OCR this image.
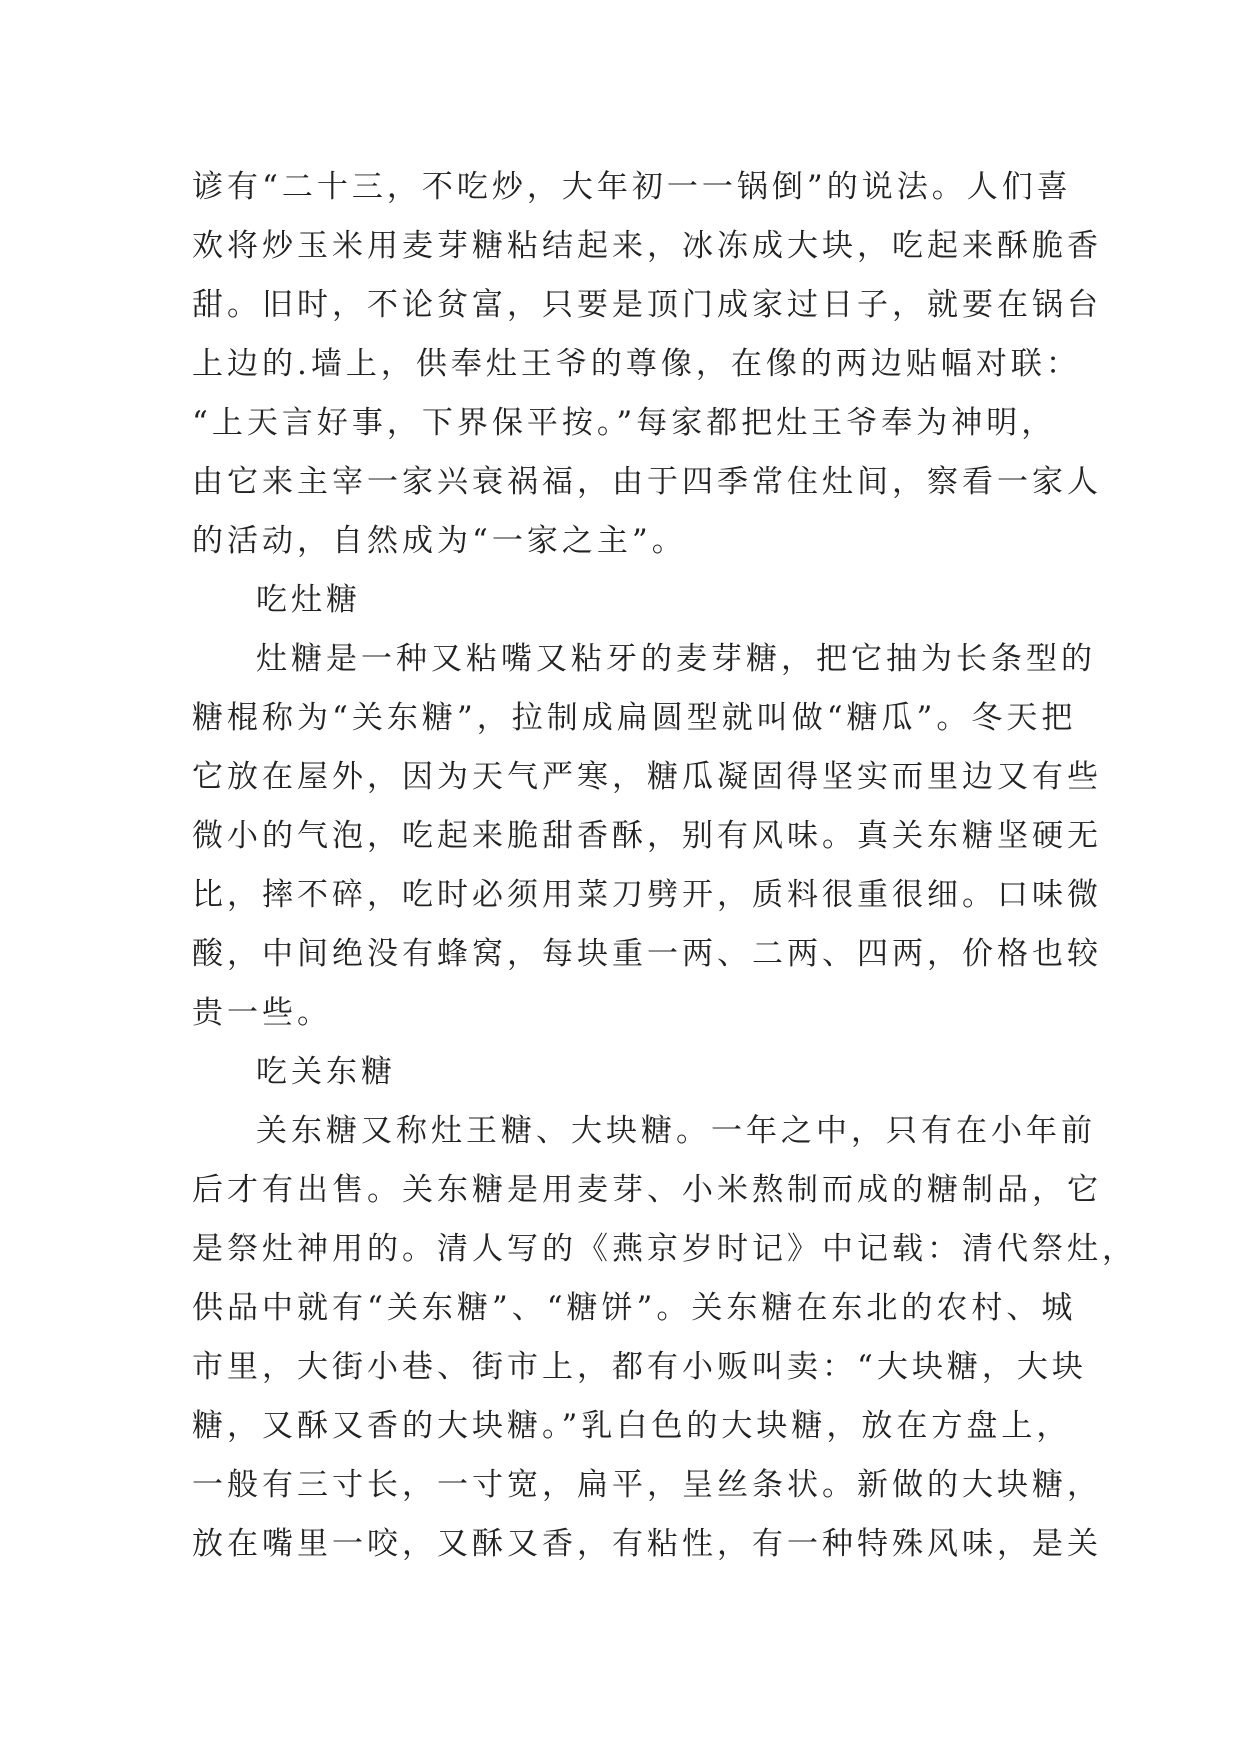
谚有“二十三，不吃炒，大年初一一锅倒”的说法。人们喜
欢将炒玉米用麦芽糖粘结起来，冰冻成大块，吃起来酥脆香
甜。旧时，不论贫富，只要是顶门成家过日子，就要在锅台
上边的.墙上，供奉灶王爷的尊像，在像的两边贴幅对联：
“上天言好事，下界保平按。”每家都把灶王爷奉为神明，
由它来主宰一家兴衰祸福，由于四季常住灶间，察看一家人
的活动，自然成为“一家之主”。
吃灶糖
灶糖是一种又粘嘴又粘牙的麦芽糖，把它抽为长条型的
糖棍称为“关东糖”，拉制成扁圆型就叫做“糖瓜”。冬天把
它放在屋外，因为天气严寒，糖瓜凝固得坚实而里边又有些
微小的气泡，吃起来脆甜香酥，别有风味。真关东糖坚硬无
比，摔不碎，吃时必须用菜刀劈开，质料很重很细。口味微
酸，中间绝没有蜂窝，每块重一两、二两、四两，价格也较
贵一些。
吃关东糖
关东糖又称灶王糖、大块糖。一年之中，只有在小年前
后才有出售。关东糖是用麦芽、小米熬制而成的糖制品，它
是祭灶神用的。清人写的《燕京岁时记》中记载：清代祭灶，
供品中就有“关东糖”、“糖饼”。关东糖在东北的农村、城
市里，大街小巷、街市上，都有小贩叫卖：“大块糖，大块
糖，又酥又香的大块糖。”乳白色的大块糖，放在方盘上，
一般有三寸长，一寸宽，扁平，呈丝条状。新做的大块糖，
放在嘴里一咬，又酥又香，有粘性，有一种特殊风味，是关
